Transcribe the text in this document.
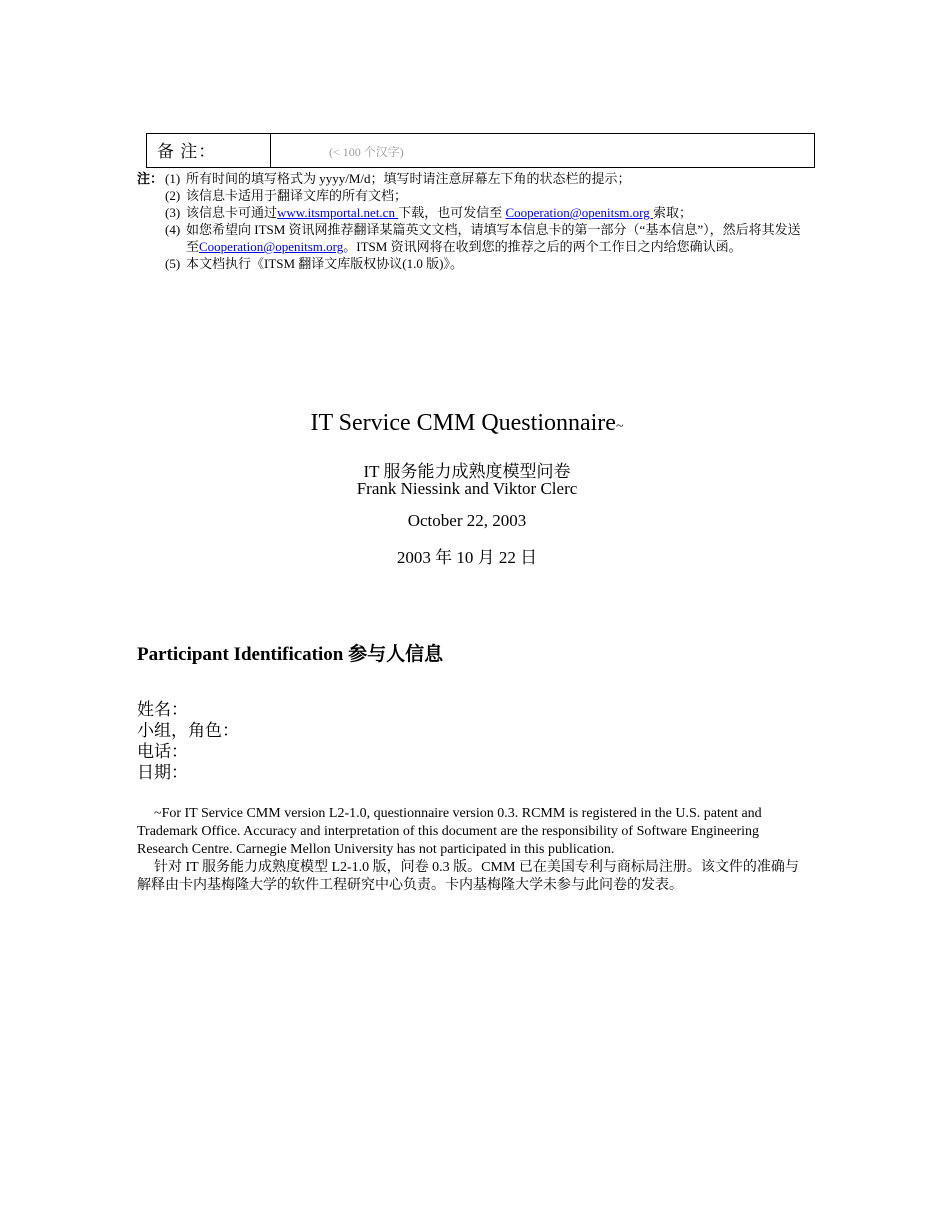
备 注：	(< 100 个汉字)
注： (1) 所有时间的填写格式为 yyyy/M/d；填写时请注意屏幕左下角的状态栏的提示；
(2) 该信息卡适用于翻译文库的所有文档；
(3) 该信息卡可通过www.itsmportal.net.cn 下载，也可发信至 Cooperation@openitsm.org 索取；
(4) 如您希望向 ITSM 资讯网推荐翻译某篇英文文档，请填写本信息卡的第一部分（“基本信息”），然后将其发送至Cooperation@openitsm.org。ITSM 资讯网将在收到您的推荐之后的两个工作日之内给您确认函。
(5) 本文档执行《ITSM 翻译文库版权协议(1.0 版)》。
IT Service CMM Questionnaire~
IT 服务能力成熟度模型问卷
Frank Niessink and Viktor Clerc
October 22, 2003
2003 年 10 月 22 日
Participant Identification 参与人信息
姓名：
小组，角色：
电话：
日期：

~For IT Service CMM version L2-1.0, questionnaire version 0.3. RCMM is registered in the U.S. patent and Trademark Office. Accuracy and interpretation of this document are the responsibility of Software Engineering Research Centre. Carnegie Mellon University has not participated in this publication.

针对 IT 服务能力成熟度模型 L2-1.0 版，问卷 0.3 版。CMM 已在美国专利与商标局注册。该文件的准确与解释由卡内基梅隆大学的软件工程研究中心负责。卡内基梅隆大学未参与此问卷的发表。
